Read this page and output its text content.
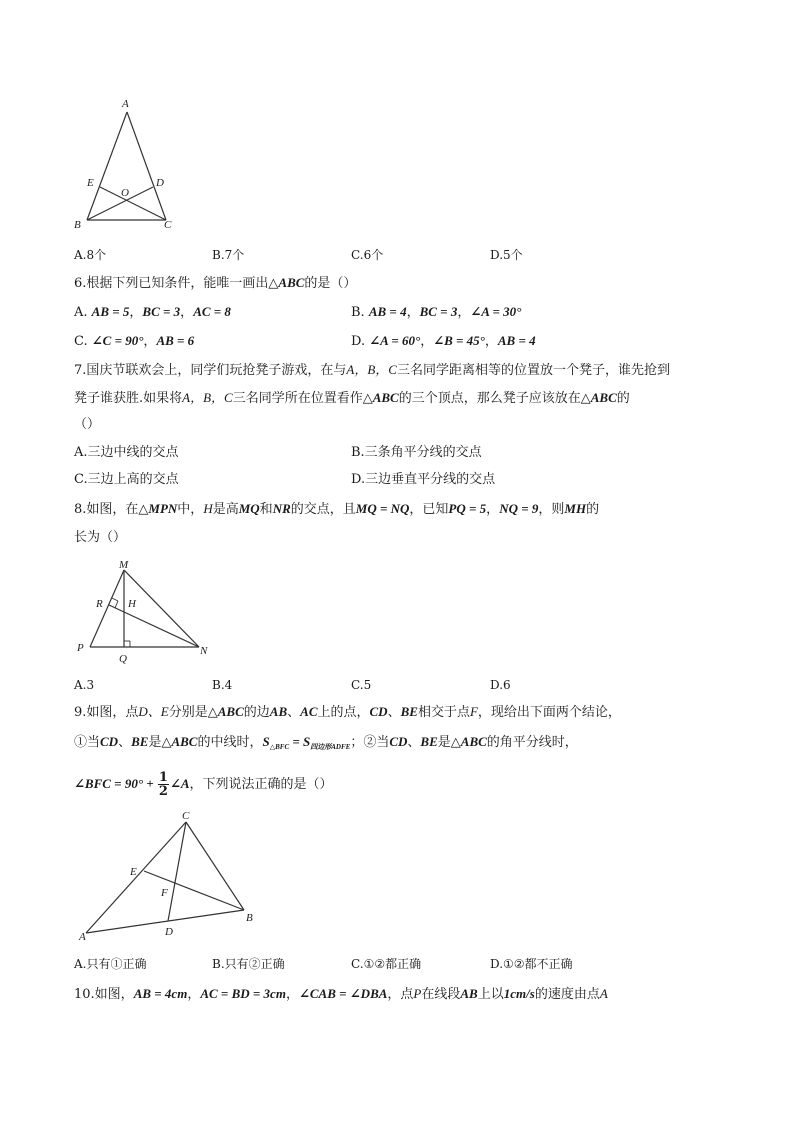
A
E
O
D
B	C
A.8个	B.7个	C.6个	D.5个
6.根据下列已知条件，能唯一画出△ABC的是（）
A. AB = 5，BC = 3，AC = 8	B. AB = 4，BC = 3，∠A = 30°
C. ∠C = 90°，AB = 6	D. ∠A = 60°，∠B = 45°，AB = 4
7.国庆节联欢会上，同学们玩抢凳子游戏，在与A，B，C三名同学距离相等的位置放一个凳子，谁先抢到
凳子谁获胜.如果将A，B，C三名同学所在位置看作△ABC的三个顶点，那么凳子应该放在△ABC的
（）
A.三边中线的交点	B.三条角平分线的交点
C.三边上高的交点	D.三边垂直平分线的交点
8.如图，在△MPN中，H是高MQ和NR的交点，且MQ = NQ，已知PQ = 5，NQ = 9，则MH的
长为（）
M
R H
P
Q
N
A.3	B.4	C.5	D.6
9.如图，点D、E分别是△ABC的边AB、AC上的点，CD、BE相交于点F，现给出下面两个结论，
①当CD、BE是△ABC的中线时，$S_{\triangle BFC} = S_{四边形ADFE}$；②当CD、BE是△ABC的角平分线时，
∠BFC = $90^\circ + \frac{1}{2}$ ∠A，下列说法正确的是（）
C
E
F
A	D
B
A.只有①正确	B.只有②正确	C.①②都正确	D.①②都不正确
10.如图，AB = 4cm，AC = BD = 3cm，∠CAB = ∠DBA，点P在线段AB上以1cm/s的速度由点A
